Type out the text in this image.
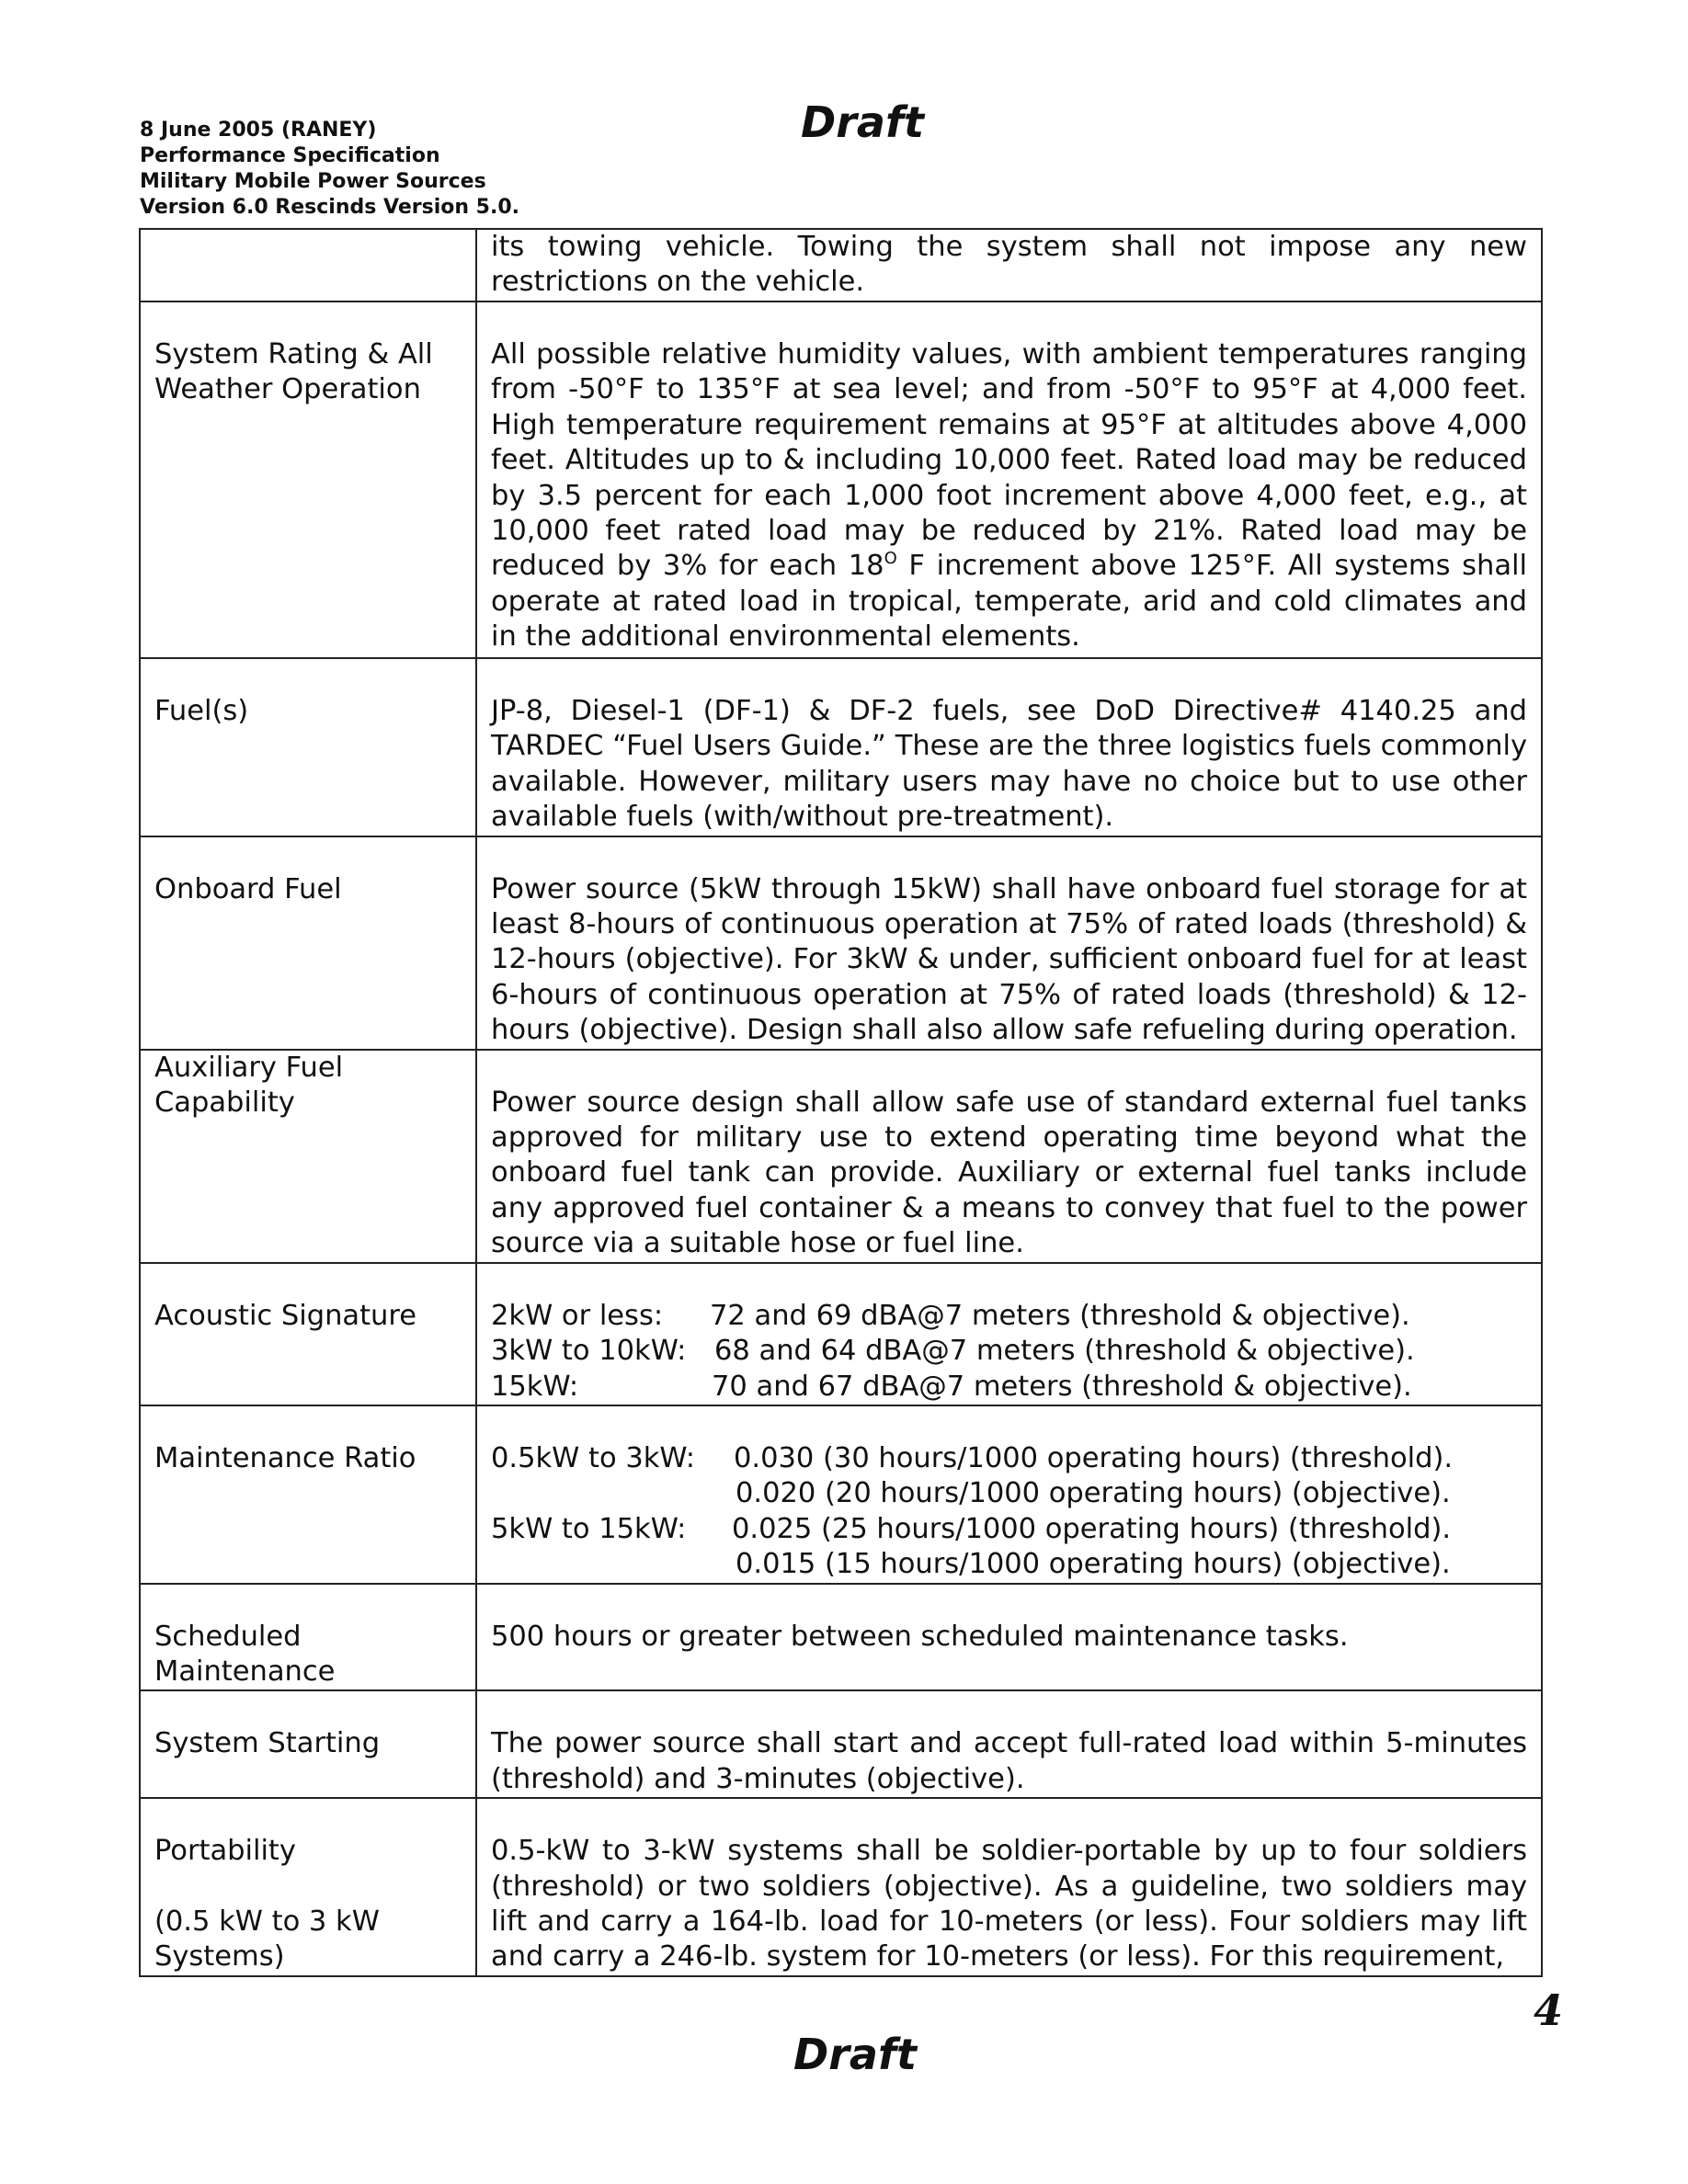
8 June 2005 (RANEY)
Performance Specification
Military Mobile Power Sources
Version 6.0 Rescinds Version 5.0.
Draft
	its towing vehicle. Towing the system shall not impose any new restrictions on the vehicle.
System Rating & All Weather Operation	All possible relative humidity values, with ambient temperatures ranging from -50°F to 135°F at sea level; and from -50°F to 95°F at 4,000 feet. High temperature requirement remains at 95°F at altitudes above 4,000 feet. Altitudes up to & including 10,000 feet. Rated load may be reduced by 3.5 percent for each 1,000 foot increment above 4,000 feet, e.g., at 10,000 feet rated load may be reduced by 21%. Rated load may be reduced by 3% for each $18^O$ F increment above 125°F. All systems shall operate at rated load in tropical, temperate, arid and cold climates and in the additional environmental elements.
Fuel(s)	JP-8, Diesel-1 (DF-1) & DF-2 fuels, see DoD Directive# 4140.25 and TARDEC “Fuel Users Guide.” These are the three logistics fuels commonly available. However, military users may have no choice but to use other available fuels (with/without pre-treatment).
Onboard Fuel	Power source (5kW through 15kW) shall have onboard fuel storage for at least 8-hours of continuous operation at 75% of rated loads (threshold) & 12-hours (objective). For 3kW & under, sufficient onboard fuel for at least 6-hours of continuous operation at 75% of rated loads (threshold) & 12-hours (objective). Design shall also allow safe refueling during operation.
Auxiliary Fuel Capability	Power source design shall allow safe use of standard external fuel tanks approved for military use to extend operating time beyond what the onboard fuel tank can provide. Auxiliary or external fuel tanks include any approved fuel container & a means to convey that fuel to the power source via a suitable hose or fuel line.
Acoustic Signature	2kW or less: 72 and 69 dBA@7 meters (threshold & objective).
3kW to 10kW: 68 and 64 dBA@7 meters (threshold & objective).
15kW: 70 and 67 dBA@7 meters (threshold & objective).

Maintenance Ratio	0.5kW to 3kW: 0.030 (30 hours/1000 operating hours) (threshold).
0.020 (20 hours/1000 operating hours) (objective).
5kW to 15kW: 0.025 (25 hours/1000 operating hours) (threshold).
0.015 (15 hours/1000 operating hours) (objective).

Scheduled Maintenance	500 hours or greater between scheduled maintenance tasks.
System Starting	The power source shall start and accept full-rated load within 5-minutes (threshold) and 3-minutes (objective).

Portability
(0.5 kW to 3 kW Systems)	0.5-kW to 3-kW systems shall be soldier-portable by up to four soldiers (threshold) or two soldiers (objective). As a guideline, two soldiers may lift and carry a 164-lb. load for 10-meters (or less). Four soldiers may lift and carry a 246-lb. system for 10-meters (or less). For this requirement,
4
Draft
